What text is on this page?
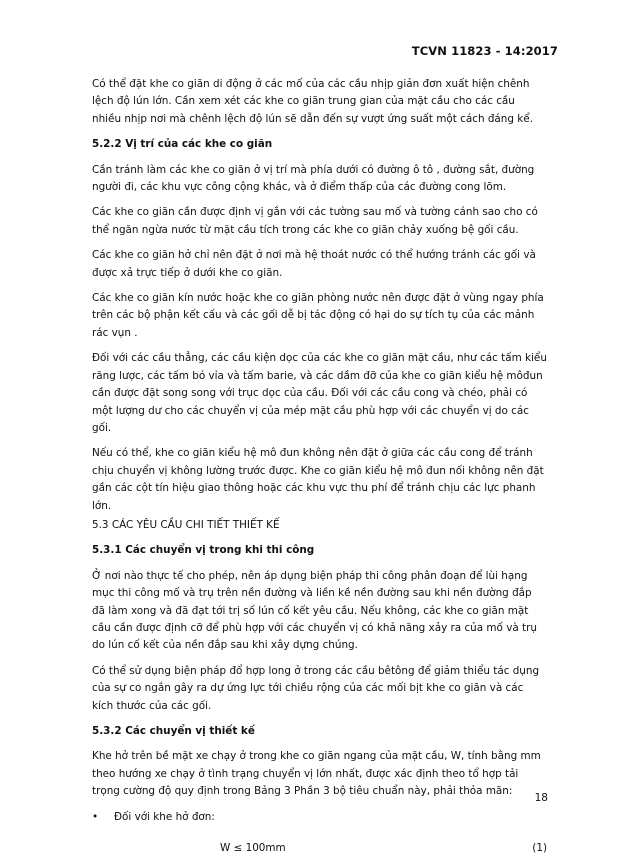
TCVN 11823 - 14:2017

Có thể đặt khe co giãn di động ở các mố của các cầu nhịp giản đơn xuất hiện chênh lệch độ lún lớn. Cần xem xét các khe co giãn trung gian của mặt cầu cho các cầu nhiều nhịp nơi mà chênh lệch độ lún sẽ dẫn đến sự vượt ứng suất một cách đáng kể.

5.2.2 Vị trí của các khe co giãn

Cần tránh làm các khe co giãn ở vị trí mà phía dưới có đường ô tô , đường sắt, đường người đi, các khu vực công cộng khác, và ở điểm thấp của các đường cong lõm.

Các khe co giãn cần được định vị gắn với các tường sau mố và tường cánh sao cho có thể ngăn ngừa nước từ mặt cầu tích trong các khe co giãn chảy xuống bệ gối cầu.

Các khe co giãn hở chỉ nên đặt ở nơi mà hệ thoát nước có thể hướng tránh các gối và được xả trực tiếp ở dưới khe co giãn.

Các khe co giãn kín nước hoặc khe co giãn phòng nước nên được đặt ở vùng ngay phía trên các bộ phận kết cấu và các gối dễ bị tác động có hại do sự tích tụ của các mảnh rác vụn .

Đối với các cầu thẳng, các cầu kiện dọc của các khe co giãn mặt cầu, như các tấm kiểu răng lược, các tấm bó vỉa và tấm barie, và các dầm đỡ của khe co giãn kiểu hệ môđun cần được đặt song song với trục dọc của cầu. Đối với các cầu cong và chéo, phải có một lượng dư cho các chuyển vị của mép mặt cầu phù hợp với các chuyển vị do các gối.

Nếu có thể, khe co giãn kiểu hệ mô đun không nên đặt ở giữa các cầu cong để tránh chịu chuyển vị không lường trước được. Khe co giãn kiểu hệ mô đun nối không nên đặt gần các cột tín hiệu giao thông hoặc các khu vực thu phí để tránh chịu các lực phanh lớn.

5.3 CÁC YÊU CẦU CHI TIẾT THIẾT KẾ

5.3.1 Các chuyển vị trong khi thi công

Ở nơi nào thực tế cho phép, nên áp dụng biện pháp thi công phân đoạn để lùi hạng mục thi công mố và trụ trên nền đường và liền kề nền đường sau khi nền đường đắp đã làm xong và đã đạt tới trị số lún cố kết yêu cầu. Nếu không, các khe co giãn mặt cầu cần được định cỡ để phù hợp với các chuyển vị có khả năng xảy ra của mố và trụ do lún cố kết của nền đắp sau khi xây dựng chúng.

Có thể sử dụng biện pháp đổ hợp long ở trong các cầu bêtông để giảm thiểu tác dụng của sự co ngắn gây ra dự ứng lực tới chiều rộng của các mối bịt khe co giãn và các kích thước của các gối.

5.3.2 Các chuyển vị thiết kế

Khe hở trên bề mặt xe chạy ở trong khe co giãn ngang của mặt cầu, W, tính bằng mm theo hướng xe chạy ở tình trạng chuyển vị lớn nhất, được xác định theo tổ hợp tải trọng cường độ quy định trong Bảng 3 Phần 3 bộ tiêu chuẩn này, phải thỏa mãn:

•	Đối với khe hở đơn:
W ≤ 100mm	(1)
18
